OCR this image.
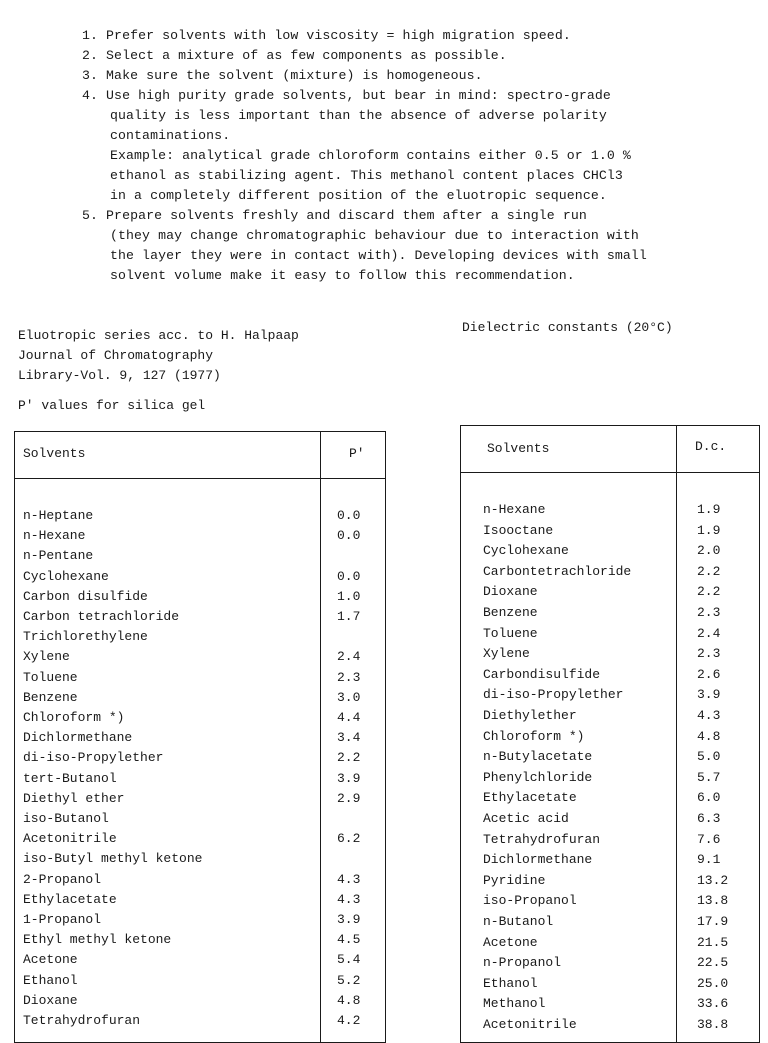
1. Prefer solvents with low viscosity = high migration speed.
2. Select a mixture of as few components as possible.
3. Make sure the solvent (mixture) is homogeneous.
4. Use high purity grade solvents, but bear in mind: spectro-grade
quality is less important than the absence of adverse polarity
contaminations.
Example: analytical grade chloroform contains either 0.5 or 1.0 %
ethanol as stabilizing agent. This methanol content places CHCl3
in a completely different position of the eluotropic sequence.
5. Prepare solvents freshly and discard them after a single run
(they may change chromatographic behaviour due to interaction with
the layer they were in contact with). Developing devices with small
solvent volume make it easy to follow this recommendation.
Eluotropic series acc. to H. Halpaap
Journal of Chromatography
Library-Vol. 9, 127 (1977)
P' values for silica gel
Dielectric constants (20°C)
Solvents	P'
n-Heptane	0.0
n-Hexane	0.0
n-Pentane
Cyclohexane	0.0
Carbon disulfide	1.0
Carbon tetrachloride	1.7
Trichlorethylene
Xylene	2.4
Toluene	2.3
Benzene	3.0
Chloroform *)	4.4
Dichlormethane	3.4
di-iso-Propylether	2.2
tert-Butanol	3.9
Diethyl ether	2.9
iso-Butanol
Acetonitrile	6.2
iso-Butyl methyl ketone
2-Propanol	4.3
Ethylacetate	4.3
1-Propanol	3.9
Ethyl methyl ketone	4.5
Acetone	5.4
Ethanol	5.2
Dioxane	4.8
Tetrahydrofuran	4.2
Solvents	D.c.
n-Hexane	1.9
Isooctane	1.9
Cyclohexane	2.0
Carbontetrachloride	2.2
Dioxane	2.2
Benzene	2.3
Toluene	2.4
Xylene	2.3
Carbondisulfide	2.6
di-iso-Propylether	3.9
Diethylether	4.3
Chloroform *)	4.8
n-Butylacetate	5.0
Phenylchloride	5.7
Ethylacetate	6.0
Acetic acid	6.3
Tetrahydrofuran	7.6
Dichlormethane	9.1
Pyridine	13.2
iso-Propanol	13.8
n-Butanol	17.9
Acetone	21.5
n-Propanol	22.5
Ethanol	25.0
Methanol	33.6
Acetonitrile	38.8
